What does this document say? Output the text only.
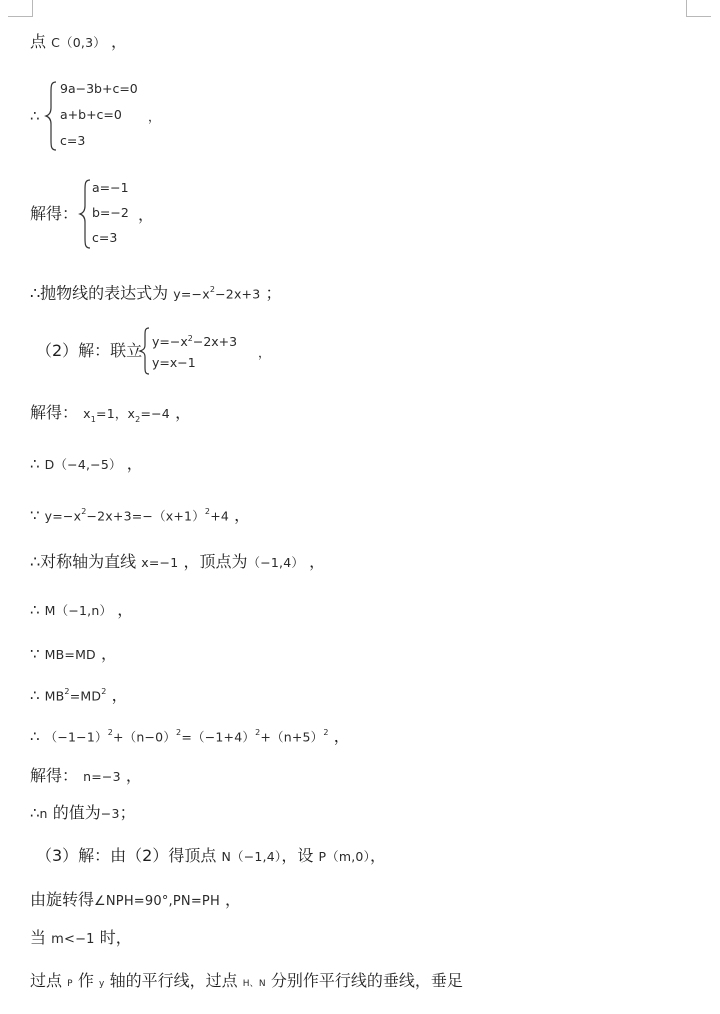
点 C（0,3） ，
∴
9a−3b+c=0
a+b+c=0
c=3
，
解得：
a=−1
b=−2
c=3
，
∴抛物线的表达式为 $y=-x^2-2x+3$ ；
（2）解：联立 $y=-x^2-2x+3$
y=x−1
，
解得： $x_1=1$，$x_2=-4$ ，
∴ D（−4,−5） ，
∵ $y=-x^2-2x+3=-(x+1)^2+4$ ，
∴对称轴为直线 x=−1 ，顶点为（−1,4） ，
∴ M（−1,n） ，
∵ MB=MD ，
∴ $MB^2=MD^2$ ，
∴ $(-1-1)^2+(n-0)^2=(-1+4)^2+(n+5)^2$ ，
解得： n=−3 ，
∴n 的值为−3；
（3）解：由（2）得顶点 N（−1,4），设 P（m,0），
由旋转得∠NPH=90°,PN=PH ，
当 m<−1 时，
过点 P 作 y 轴的平行线，过点 H、N 分别作平行线的垂线，垂足
